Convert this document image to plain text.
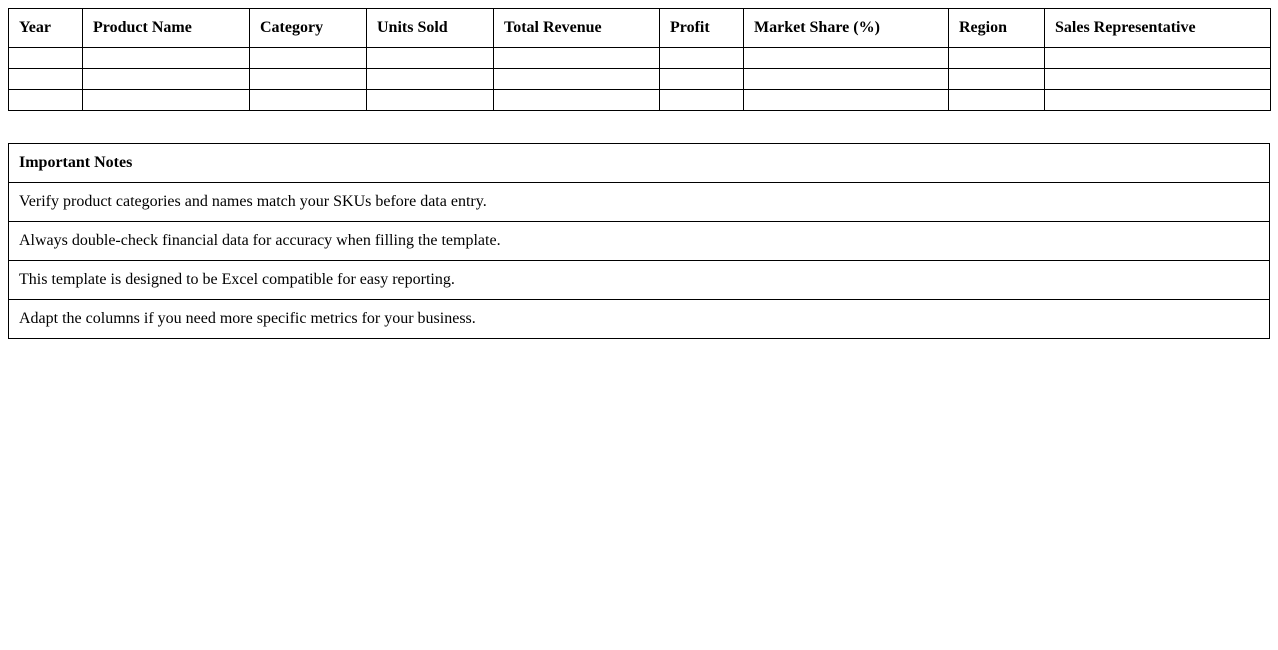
Year	Product Name	Category	Units Sold	Total Revenue	Profit	Market Share (%)	Region	Sales Representative

Important Notes
Verify product categories and names match your SKUs before data entry.
Always double-check financial data for accuracy when filling the template.
This template is designed to be Excel compatible for easy reporting.
Adapt the columns if you need more specific metrics for your business.
